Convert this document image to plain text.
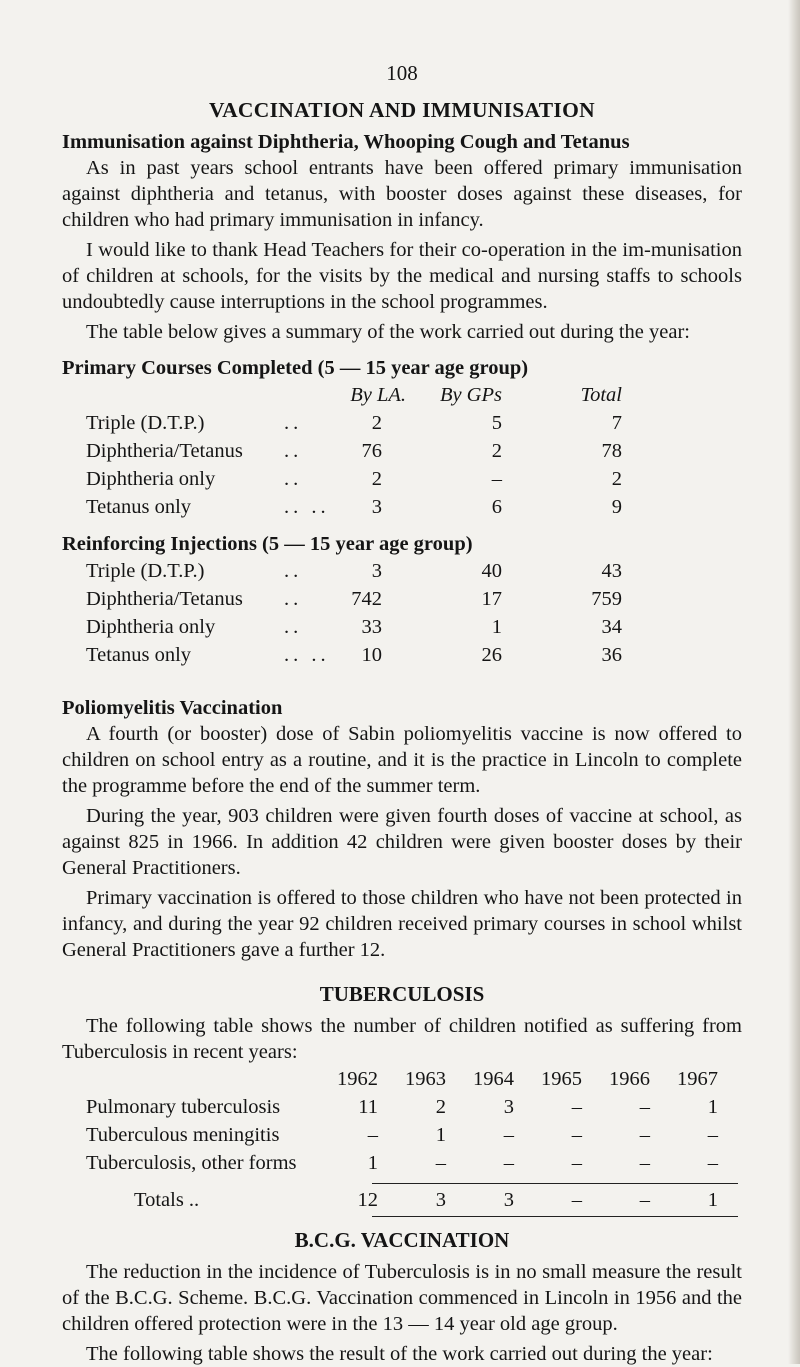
108
VACCINATION AND IMMUNISATION
Immunisation against Diphtheria, Whooping Cough and Tetanus

As in past years school entrants have been offered primary immunisation against diphtheria and tetanus, with booster doses against these diseases, for children who had primary immunisation in infancy.

I would like to thank Head Teachers for their co-operation in the im-munisation of children at schools, for the visits by the medical and nursing staffs to schools undoubtedly cause interruptions in the school programmes.

The table below gives a summary of the work carried out during the year:

Primary Courses Completed (5 — 15 year age group)
By LA.	By GPs	Total
Triple (D.T.P.)	..	2	5	7
Diphtheria/Tetanus	..	76	2	78
Diphtheria only	..	2	–	2
Tetanus only	.. ..	3	6	9
Reinforcing Injections (5 — 15 year age group)
Triple (D.T.P.)	..	3	40	43
Diphtheria/Tetanus	..	742	17	759
Diphtheria only	..	33	1	34
Tetanus only	.. ..	10	26	36
Poliomyelitis Vaccination

A fourth (or booster) dose of Sabin poliomyelitis vaccine is now offered to children on school entry as a routine, and it is the practice in Lincoln to complete the programme before the end of the summer term.

During the year, 903 children were given fourth doses of vaccine at school, as against 825 in 1966. In addition 42 children were given booster doses by their General Practitioners.

Primary vaccination is offered to those children who have not been protected in infancy, and during the year 92 children received primary courses in school whilst General Practitioners gave a further 12.

TUBERCULOSIS

The following table shows the number of children notified as suffering from Tuberculosis in recent years:

1962	1963	1964	1965	1966	1967
Pulmonary tuberculosis	11	2	3	–	–	1
Tuberculous meningitis	–	1	–	–	–	–
Tuberculosis, other forms	1	–	–	–	–	–
Totals ..	12	3	3	–	–	1
B.C.G. VACCINATION

The reduction in the incidence of Tuberculosis is in no small measure the result of the B.C.G. Scheme. B.C.G. Vaccination commenced in Lincoln in 1956 and the children offered protection were in the 13 — 14 year old age group.

The following table shows the result of the work carried out during the year:
